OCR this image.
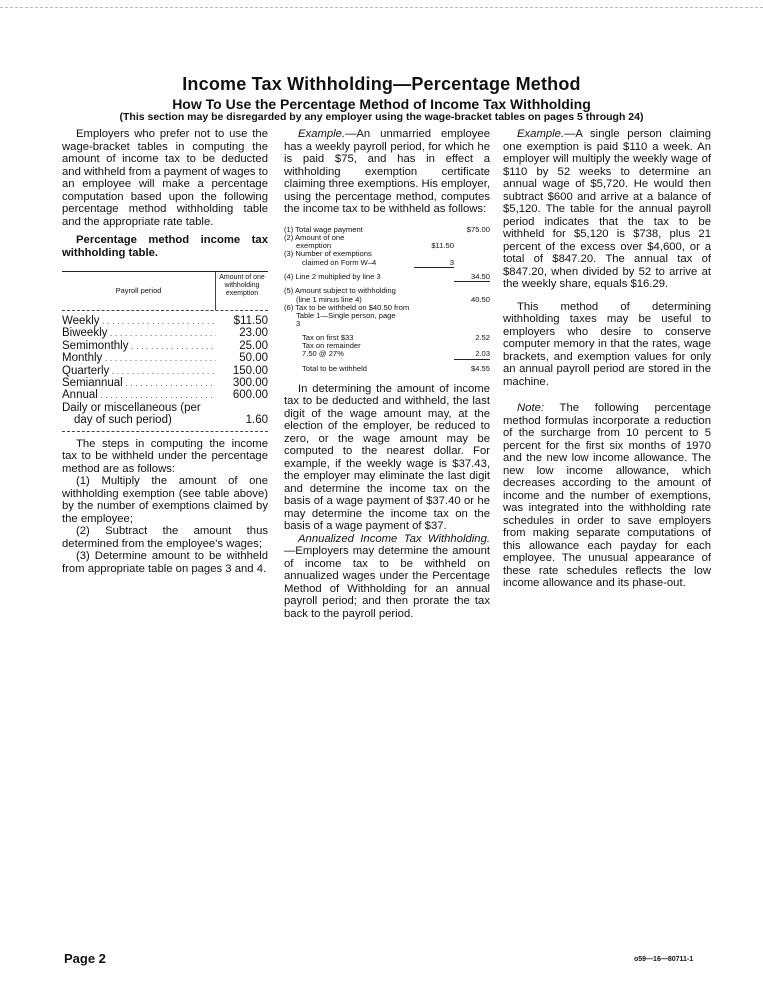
Income Tax Withholding—Percentage Method
How To Use the Percentage Method of Income Tax Withholding
(This section may be disregarded by any employer using the wage-bracket tables on pages 5 through 24)

Employers who prefer not to use the wage-bracket tables in computing the amount of income tax to be deducted and withheld from a payment of wages to an employee will make a percentage computation based upon the following percentage method withholding table and the appropriate rate table.

Percentage method income tax withholding table.

Payroll period
Amount of one withholding exemption
Weekly . . .	$11.50
Biweekly . . .	23.00
Semimonthly . . .	25.00
Monthly . . .	50.00
Quarterly . . .	150.00
Semiannual . . .	300.00
Annual . . .	600.00
Daily or miscellaneous (per
day of such period)	1.60

The steps in computing the income tax to be withheld under the percentage method are as follows:

(1) Multiply the amount of one withholding exemption (see table above) by the number of exemptions claimed by the employee;

(2) Subtract the amount thus determined from the employee's wages;

(3) Determine amount to be withheld from appropriate table on pages 3 and 4.

Example.—An unmarried employee has a weekly payroll period, for which he is paid $75, and has in effect a withholding exemption certificate claiming three exemptions. His employer, using the percentage method, computes the income tax to be withheld as follows:

(1) Total wage payment	$75.00
(2) Amount of one
exemption	$11.50
(3) Number of exemptions
claimed on Form W–4	3
(4) Line 2 multiplied by line 3	34.50
(5) Amount subject to withholding
(line 1 minus line 4)	40.50
(6) Tax to be withheld on $40.50 from
Table 1—Single person, page
3
Tax on first $33	2.52
Tax on remainder
7.50 @ 27%	2.03
Total to be withheld	$4.55

In determining the amount of income tax to be deducted and withheld, the last digit of the wage amount may, at the election of the employer, be reduced to zero, or the wage amount may be computed to the nearest dollar. For example, if the weekly wage is $37.43, the employer may eliminate the last digit and determine the income tax on the basis of a wage payment of $37.40 or he may determine the income tax on the basis of a wage payment of $37.

Annualized Income Tax Withholding.—Employers may determine the amount of income tax to be withheld on annualized wages under the Percentage Method of Withholding for an annual payroll period; and then prorate the tax back to the payroll period.

Example.—A single person claiming one exemption is paid $110 a week. An employer will multiply the weekly wage of $110 by 52 weeks to determine an annual wage of $5,720. He would then subtract $600 and arrive at a balance of $5,120. The table for the annual payroll period indicates that the tax to be withheld for $5,120 is $738, plus 21 percent of the excess over $4,600, or a total of $847.20. The annual tax of $847.20, when divided by 52 to arrive at the weekly share, equals $16.29.

This method of determining withholding taxes may be useful to employers who desire to conserve computer memory in that the rates, wage brackets, and exemption values for only an annual payroll period are stored in the machine.

Note: The following percentage method formulas incorporate a reduction of the surcharge from 10 percent to 5 percent for the first six months of 1970 and the new low income allowance. The new low income allowance, which decreases according to the amount of income and the number of exemptions, was integrated into the withholding rate schedules in order to save employers from making separate computations of this allowance each payday for each employee. The unusual appearance of these rate schedules reflects the low income allowance and its phase-out.

Page 2	o59—16—80711-1
